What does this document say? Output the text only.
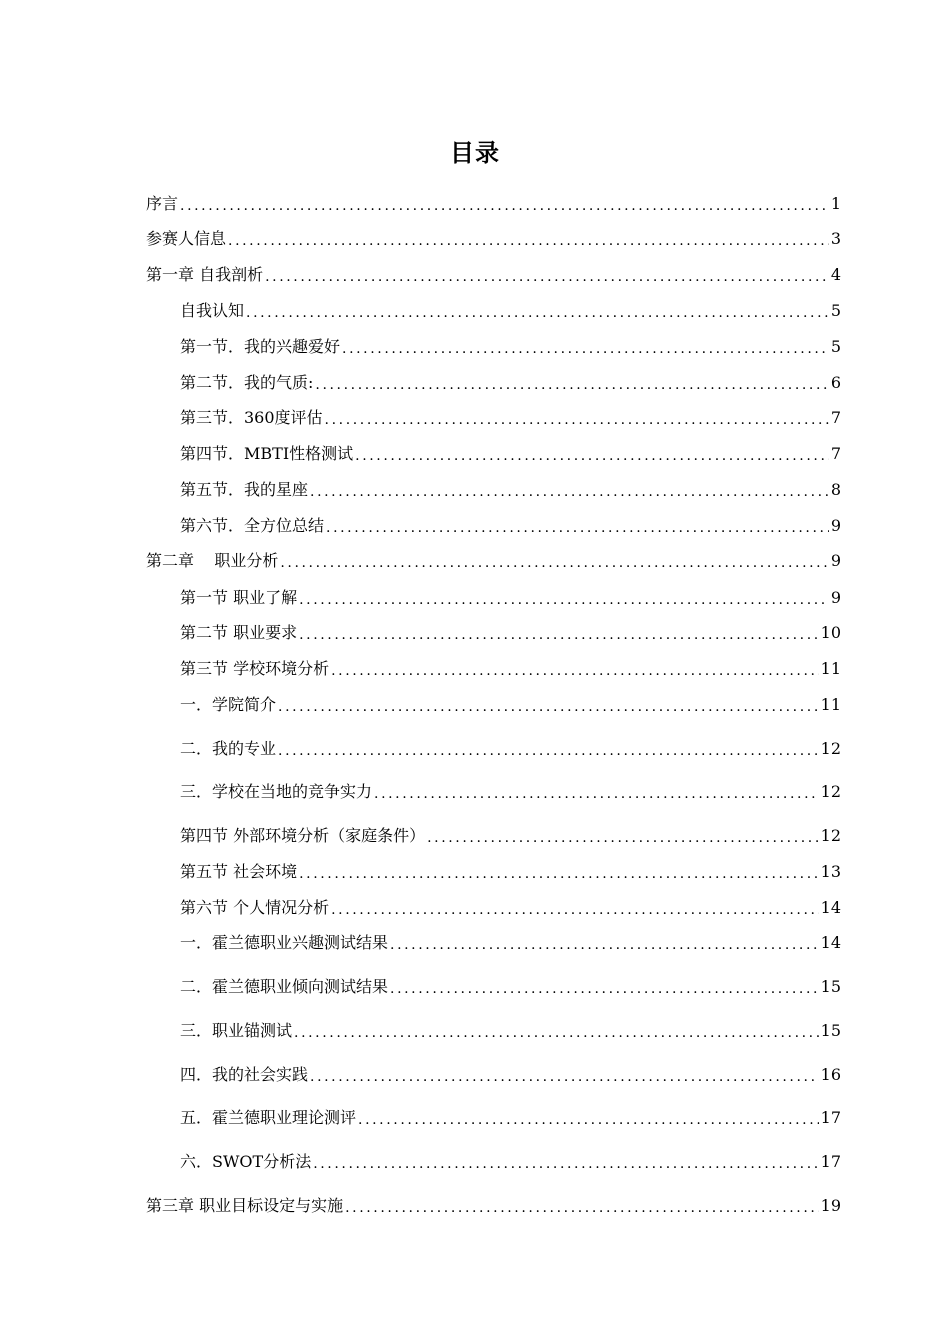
目录
序言 .....	1
参赛人信息 .....	3
第一章 自我剖析 .....	4
自我认知 .....	5
第一节．我的兴趣爱好 .....	5
第二节．我的气质: .....	6
第三节．360度评估 .....	7
第四节．MBTI性格测试 .....	7
第五节．我的星座 .....	8
第六节．全方位总结 .....	9
第二章    职业分析 .....	9
第一节 职业了解 .....	9
第二节 职业要求 .....	10
第三节 学校环境分析 .....	11
一．学院简介 .....	11
二．我的专业 .....	12
三．学校在当地的竞争实力 .....	12
第四节 外部环境分析（家庭条件） .....	12
第五节 社会环境 .....	13
第六节 个人情况分析 .....	14
一．霍兰德职业兴趣测试结果 .....	14
二．霍兰德职业倾向测试结果 .....	15
三．职业锚测试 .....	15
四．我的社会实践 .....	16
五．霍兰德职业理论测评 .....	17
六．SWOT分析法 .....	17
第三章 职业目标设定与实施 .....	19
